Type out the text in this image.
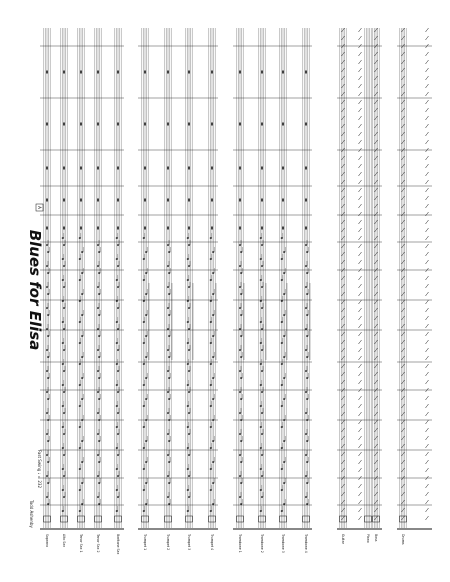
Soprano	Alto Sax	Tenor Sax 1	Tenor Sax 2	Baritone Sax	Trumpet 1	Trumpet 2	Trumpet 3	Trumpet 4	Trombone 1	Trombone 2	Trombone 3	Trombone 4	Guitar	Piano Bass	Drums
Blues for Elisa
Todd Ashenby
Fast Swing ♩ = 232
A
